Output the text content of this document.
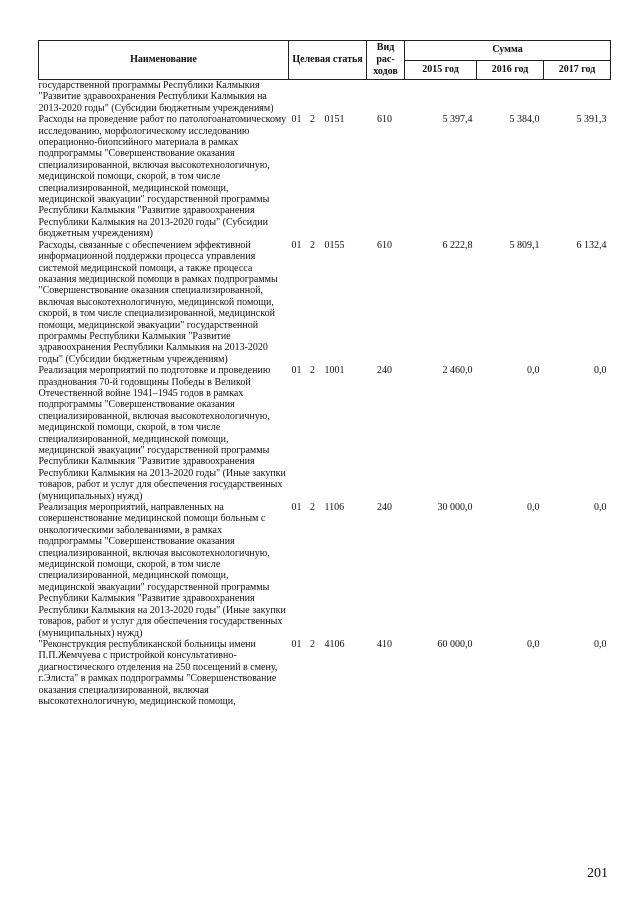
Наименование	Целевая статья			Вид рас-ходов	Сумма		
					2015 год	2016 год	2017 год
государственной программы Республики Калмыкия "Развитие здравоохранения Республики Калмыкия на 2013-2020 годы" (Субсидии бюджетным учреждениям)							
Расходы на проведение работ по патологоанатомическому исследованию, морфологическому исследованию операционно-биопсийного материала в рамках подпрограммы "Совершенствование оказания специализированной, включая высокотехнологичную, медицинской помощи, скорой, в том числе специализированной, медицинской помощи, медицинской эвакуации" государственной программы Республики Калмыкия "Развитие здравоохранения Республики Калмыкия на 2013-2020 годы" (Субсидии бюджетным учреждениям)	01	2	0151	610	5 397,4	5 384,0	5 391,3
Расходы, связанные с обеспечением эффективной информационной поддержки процесса управления системой медицинской помощи, а также процесса оказания медицинской помощи в рамках подпрограммы "Совершенствование оказания специализированной, включая высокотехнологичную, медицинской помощи, скорой, в том числе специализированной, медицинской помощи, медицинской эвакуации" государственной программы Республики Калмыкия "Развитие здравоохранения Республики Калмыкия на 2013-2020 годы" (Субсидии бюджетным учреждениям)	01	2	0155	610	6 222,8	5 809,1	6 132,4
Реализация мероприятий по подготовке и проведению празднования 70-й годовщины Победы в Великой Отечественной войне 1941–1945 годов в рамках подпрограммы "Совершенствование оказания специализированной, включая высокотехнологичную, медицинской помощи, скорой, в том числе специализированной, медицинской помощи, медицинской эвакуации" государственной программы Республики Калмыкия "Развитие здравоохранения Республики Калмыкия на 2013-2020 годы" (Иные закупки товаров, работ и услуг для обеспечения государственных (муниципальных) нужд)	01	2	1001	240	2 460,0	0,0	0,0
Реализация мероприятий, направленных на совершенствование медицинской помощи больным с онкологическими заболеваниями, в рамках подпрограммы "Совершенствование оказания специализированной, включая высокотехнологичную, медицинской помощи, скорой, в том числе специализированной, медицинской помощи, медицинской эвакуации" государственной программы Республики Калмыкия "Развитие здравоохранения Республики Калмыкия на 2013-2020 годы" (Иные закупки товаров, работ и услуг для обеспечения государственных (муниципальных) нужд)	01	2	1106	240	30 000,0	0,0	0,0
"Реконструкция республиканской больницы имени П.П.Жемчуева с пристройкой консультативно-диагностического отделения на 250 посещений в смену, г.Элиста" в рамках подпрограммы "Совершенствование оказания специализированной, включая высокотехнологичную, медицинской помощи,	01	2	4106	410	60 000,0	0,0	0,0
201
